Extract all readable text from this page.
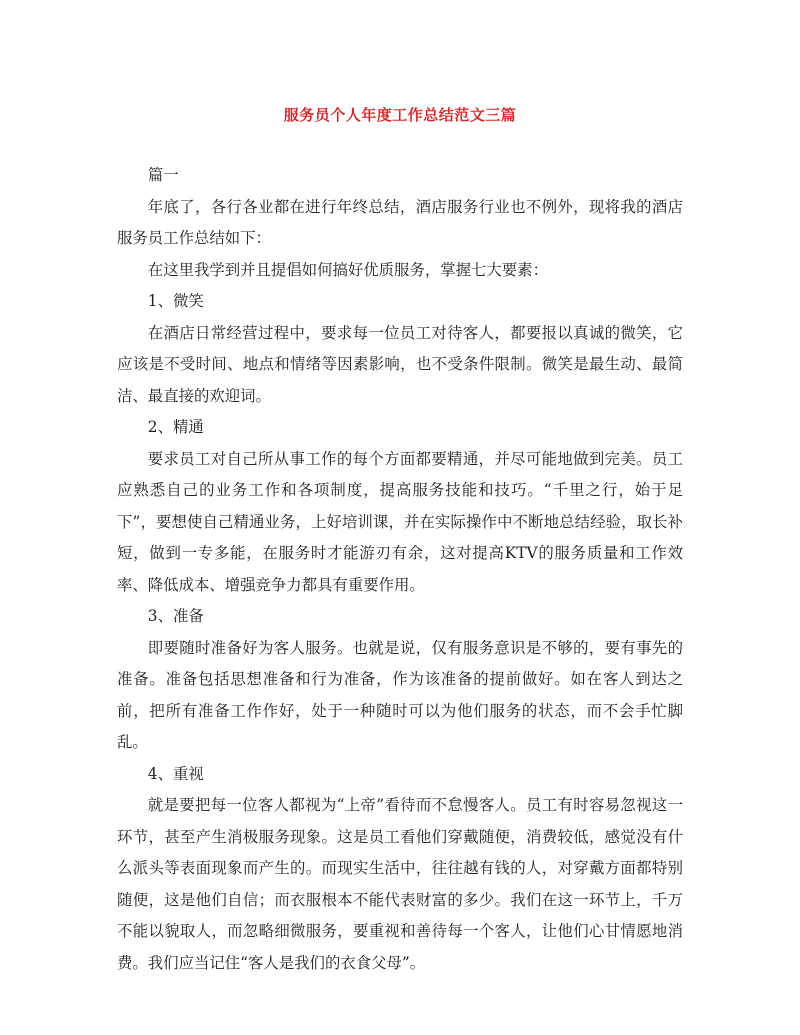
服务员个人年度工作总结范文三篇

篇一

年底了，各行各业都在进行年终总结，酒店服务行业也不例外，现将我的酒店服务员工作总结如下：

在这里我学到并且提倡如何搞好优质服务，掌握七大要素：

1、微笑

在酒店日常经营过程中，要求每一位员工对待客人，都要报以真诚的微笑，它应该是不受时间、地点和情绪等因素影响，也不受条件限制。微笑是最生动、最简洁、最直接的欢迎词。

2、精通

要求员工对自己所从事工作的每个方面都要精通，并尽可能地做到完美。员工应熟悉自己的业务工作和各项制度，提高服务技能和技巧。“千里之行，始于足下”，要想使自己精通业务，上好培训课，并在实际操作中不断地总结经验，取长补短，做到一专多能，在服务时才能游刃有余，这对提高KTV的服务质量和工作效率、降低成本、增强竞争力都具有重要作用。

3、准备

即要随时准备好为客人服务。也就是说，仅有服务意识是不够的，要有事先的准备。准备包括思想准备和行为准备，作为该准备的提前做好。如在客人到达之前，把所有准备工作作好，处于一种随时可以为他们服务的状态，而不会手忙脚乱。

4、重视

就是要把每一位客人都视为“上帝”看待而不怠慢客人。员工有时容易忽视这一环节，甚至产生消极服务现象。这是员工看他们穿戴随便，消费较低，感觉没有什么派头等表面现象而产生的。而现实生活中，往往越有钱的人，对穿戴方面都特别随便，这是他们自信；而衣服根本不能代表财富的多少。我们在这一环节上，千万不能以貌取人，而忽略细微服务，要重视和善待每一个客人，让他们心甘情愿地消费。我们应当记住“客人是我们的衣食父母”。
